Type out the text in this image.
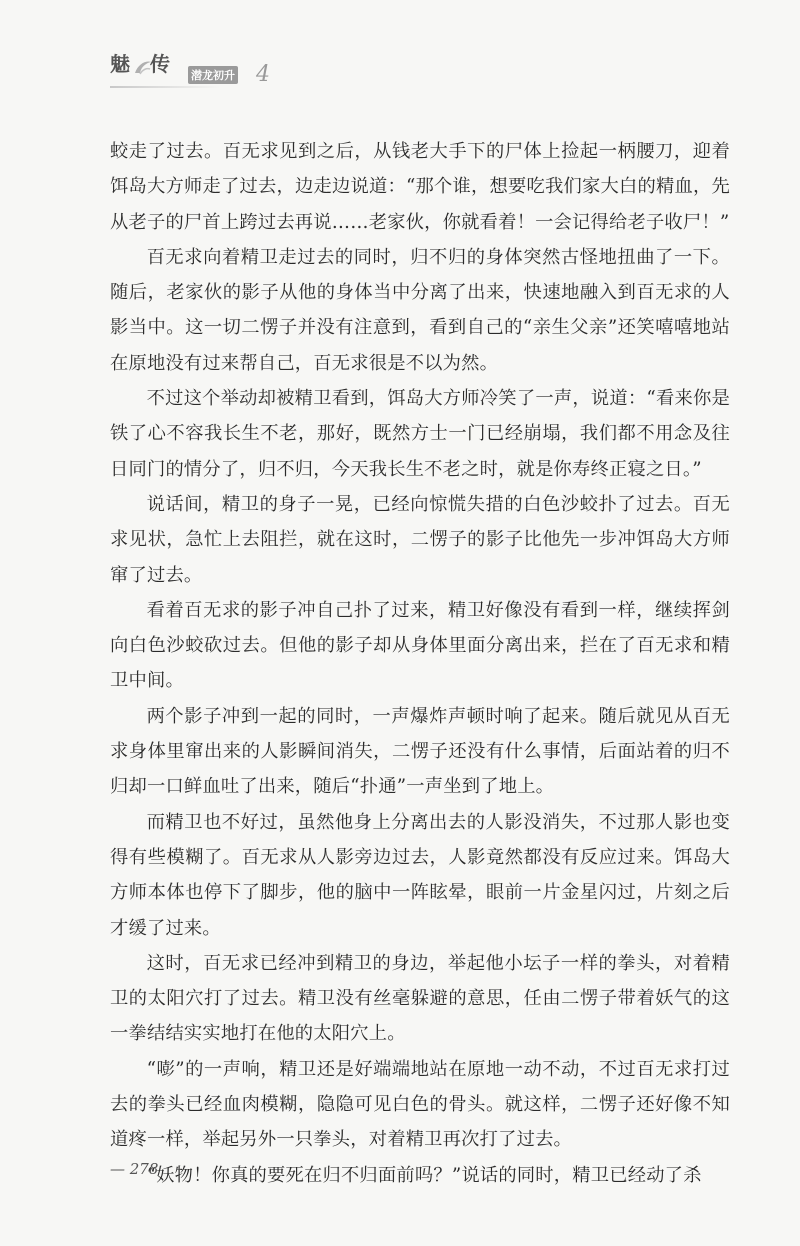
魅 传 潜龙初升 4

蛟走了过去。百无求见到之后，从钱老大手下的尸体上捡起一柄腰刀，迎着饵岛大方师走了过去，边走边说道：“那个谁，想要吃我们家大白的精血，先从老子的尸首上跨过去再说……老家伙，你就看着！一会记得给老子收尸！”

百无求向着精卫走过去的同时，归不归的身体突然古怪地扭曲了一下。随后，老家伙的影子从他的身体当中分离了出来，快速地融入到百无求的人影当中。这一切二愣子并没有注意到，看到自己的“亲生父亲”还笑嘻嘻地站在原地没有过来帮自己，百无求很是不以为然。

不过这个举动却被精卫看到，饵岛大方师冷笑了一声，说道：“看来你是铁了心不容我长生不老，那好，既然方士一门已经崩塌，我们都不用念及往日同门的情分了，归不归，今天我长生不老之时，就是你寿终正寝之日。”

说话间，精卫的身子一晃，已经向惊慌失措的白色沙蛟扑了过去。百无求见状，急忙上去阻拦，就在这时，二愣子的影子比他先一步冲饵岛大方师窜了过去。

看着百无求的影子冲自己扑了过来，精卫好像没有看到一样，继续挥剑向白色沙蛟砍过去。但他的影子却从身体里面分离出来，拦在了百无求和精卫中间。

两个影子冲到一起的同时，一声爆炸声顿时响了起来。随后就见从百无求身体里窜出来的人影瞬间消失，二愣子还没有什么事情，后面站着的归不归却一口鲜血吐了出来，随后“扑通”一声坐到了地上。

而精卫也不好过，虽然他身上分离出去的人影没消失，不过那人影也变得有些模糊了。百无求从人影旁边过去，人影竟然都没有反应过来。饵岛大方师本体也停下了脚步，他的脑中一阵眩晕，眼前一片金星闪过，片刻之后才缓了过来。

这时，百无求已经冲到精卫的身边，举起他小坛子一样的拳头，对着精卫的太阳穴打了过去。精卫没有丝毫躲避的意思，任由二愣子带着妖气的这一拳结结实实地打在他的太阳穴上。

“嘭”的一声响，精卫还是好端端地站在原地一动不动，不过百无求打过去的拳头已经血肉模糊，隐隐可见白色的骨头。就这样，二愣子还好像不知道疼一样，举起另外一只拳头，对着精卫再次打了过去。

“妖物！你真的要死在归不归面前吗？”说话的同时，精卫已经动了杀

— 278
